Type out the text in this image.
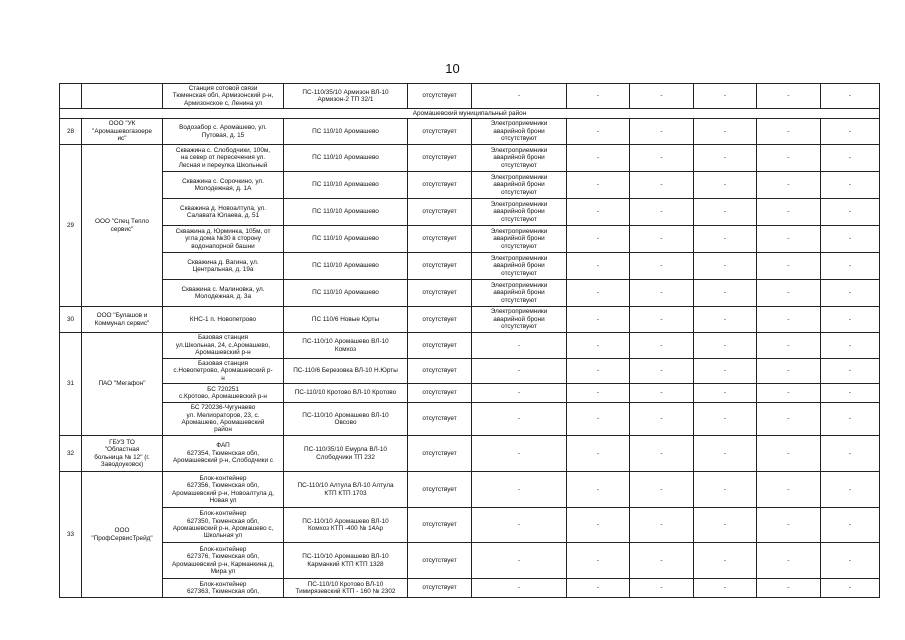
10
		Станция сотовой связи
Тюменская обл, Армизонский р-н,
Армизонское с, Ленина ул	ПС-110/35/10 Армизон ВЛ-10
Армизон-2 ТП 32/1	отсутствует	-	-	-	-	-	-
Аромашевский муниципальный район										
28	ООО "УК
"Аромашевогазоере
ис"	Водозабор с. Аромашево, ул.
Путовая, д. 15	ПС 110/10 Аромашево	отсутствует	Электроприемники
аварийной брони
отсутствуют	-	-	-	-	-
29	ООО "Спец Тепло
сервис"	Скважина с. Слободчики, 100м,
на север от пересечения ул.
Лесная и переулка Школьный	ПС 110/10 Аромашево	отсутствует	Электроприемники
аварийной брони
отсутствуют	-	-	-	-	-
		Скважина с. Сорочкино, ул.
Молодежная, д. 1А	ПС 110/10 Аромашево	отсутствует	Электроприемники
аварийной брони
отсутствуют	-	-	-	-	-
		Скважина д. Новоалтула, ул.
Салавата Юлаева, д. 51	ПС 110/10 Аромашево	отсутствует	Электроприемники
аварийной брони
отсутствуют	-	-	-	-	-
		Скважина д. Юрминка, 105м, от
угла дома №30 в сторону
водонапорной башни	ПС 110/10 Аромашево	отсутствует	Электроприемники
аварийной брони
отсутствуют	-	-	-	-	-
		Скважина д. Вагина, ул.
Центральная, д. 19а	ПС 110/10 Аромашево	отсутствует	Электроприемники
аварийной брони
отсутствуют	-	-	-	-	-
		Скважина с. Малиновка, ул.
Молодежная, д. 3а	ПС 110/10 Аромашево	отсутствует	Электроприемники
аварийной брони
отсутствуют	-	-	-	-	-
30	ООО "Булашов и
Коммунал сервис"	КНС-1 п. Новопетрово	ПС 110/6 Новые Юрты	отсутствует	Электроприемники
аварийной брони
отсутствуют	-	-	-	-	-
31	ПАО "Мегафон"	Базовая станция
ул.Школьная, 24, с.Аромашево,
Аромашевский р-н	ПС-110/10 Аромашево ВЛ-10
Комхоз	отсутствует	-	-	-	-	-	-
		Базовая станция
с.Новопетрово, Аромашевский р-
н	ПС-110/6 Березовка ВЛ-10 Н.Юрты	отсутствует	-	-	-	-	-	-
		БС 720251
с.Кротово, Аромашевский р-н	ПС-110/10 Кротово ВЛ-10 Кротово	отсутствует	-	-	-	-	-	-
		БС 720236-Чугунаево
ул. Мелиораторов, 23, с.
Аромашево, Аромашевский
район	ПС-110/10 Аромашево ВЛ-10
Овсово	отсутствует	-	-	-	-	-	-
32	ГБУЗ ТО
"Областная
больница № 12" (г.
Заводоуковск)	ФАП
627354, Тюменская обл,
Аромашевский р-н, Слободчики с	ПС-110/35/10 Емурла ВЛ-10
Слободчики ТП 232	отсутствует	-	-	-	-	-	-
33	ООО
"ПрофСервисТрейд"	Блок-контейнер
627356, Тюменская обл,
Аромашевский р-н, Новоалтула д,
Новая ул	ПС-110/10 Алтула ВЛ-10 Алтула
КТП КТП 1703	отсутствует	-	-	-	-	-	-
		Блок-контейнер
627350, Тюменская обл,
Аромашевский р-н, Аромашево с,
Школьная ул	ПС-110/10 Аромашево ВЛ-10
Комхоз КТП -400 № 14Ар	отсутствует	-	-	-	-	-	-
		Блок-контейнер
627376, Тюменская обл,
Аромашевский р-н, Карманкина д,
Мира ул	ПС-110/10 Аромашево ВЛ-10
Карманкий КТП КТП 1328	отсутствует	-	-	-	-	-	-
		Блок-контейнер
627363, Тюменская обл,	ПС-110/10 Кротово ВЛ-10
Тимирязевский КТП - 160 № 2302	отсутствует	-	-	-	-	-	-
